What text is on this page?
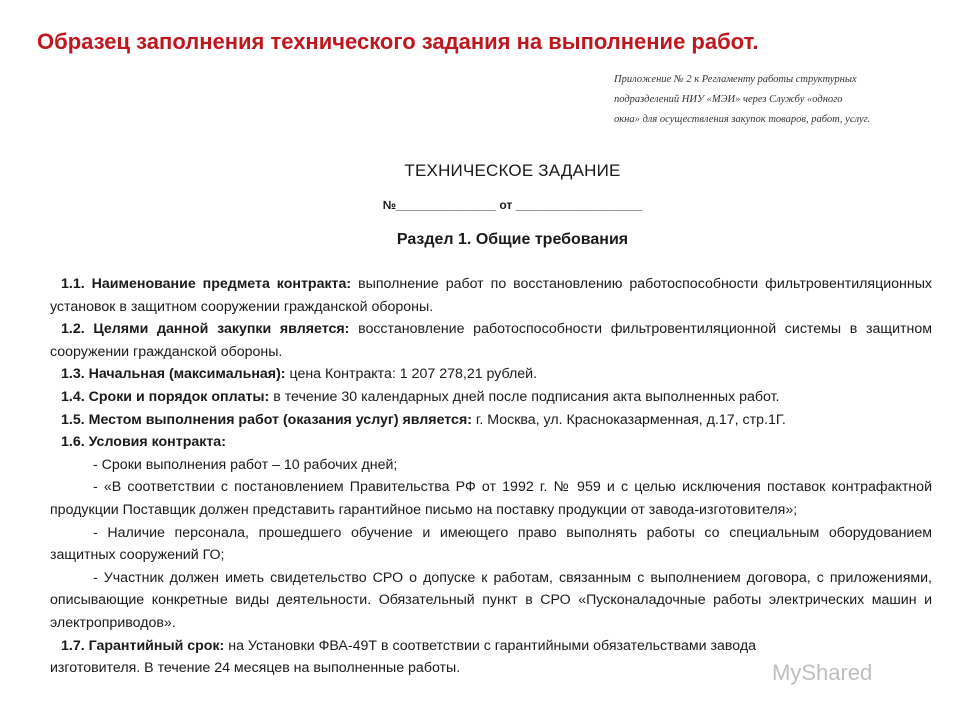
Образец заполнения технического задания на выполнение работ.
Приложение № 2 к Регламенту работы структурных
подразделений НИУ «МЭИ» через Службу «одного
окна» для осуществления закупок товаров, работ, услуг.
ТЕХНИЧЕСКОЕ ЗАДАНИЕ
№_______________ от ___________________
Раздел 1. Общие требования

1.1. Наименование предмета контракта: выполнение работ по восстановлению работоспособности фильтровентиляционных установок в защитном сооружении гражданской обороны.

1.2. Целями данной закупки является: восстановление работоспособности фильтровентиляционной системы в защитном сооружении гражданской обороны.

1.3. Начальная (максимальная): цена Контракта: 1 207 278,21 рублей.

1.4. Сроки и порядок оплаты: в течение 30 календарных дней после подписания акта выполненных работ.

1.5. Местом выполнения работ (оказания услуг) является: г. Москва, ул. Красноказарменная, д.17, стр.1Г.

1.6. Условия контракта:

- Сроки выполнения работ – 10 рабочих дней;

- «В соответствии с постановлением Правительства РФ от 1992 г. № 959 и с целью исключения поставок контрафактной продукции Поставщик должен представить гарантийное письмо на поставку продукции от завода-изготовителя»;

- Наличие персонала, прошедшего обучение и имеющего право выполнять работы со специальным оборудованием защитных сооружений ГО;

- Участник должен иметь свидетельство СРО о допуске к работам, связанным с выполнением договора, с приложениями, описывающие конкретные виды деятельности. Обязательный пункт в СРО «Пусконаладочные работы электрических машин и электроприводов».

1.7. Гарантийный срок: на Установки ФВА-49Т в соответствии с гарантийными обязательствами завода

изготовителя. В течение 24 месяцев на выполненные работы.	MyShared
